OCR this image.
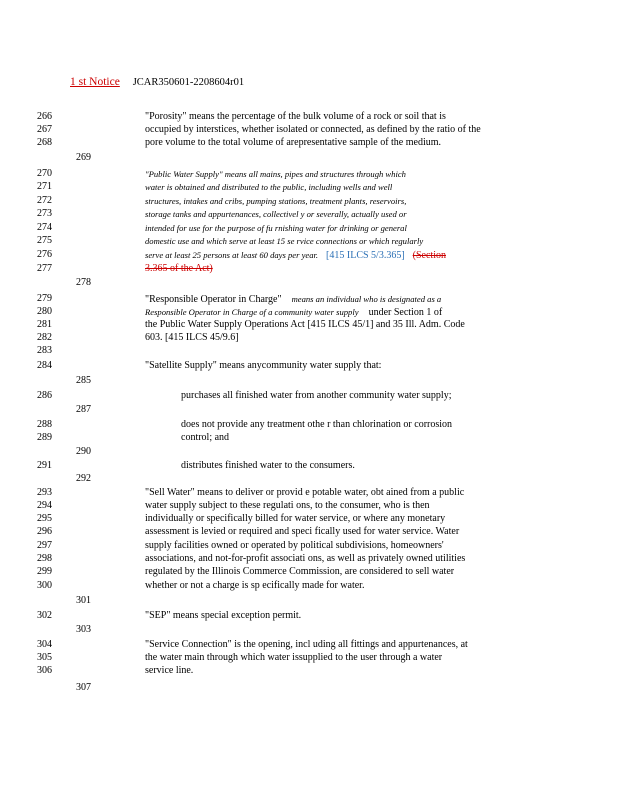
1 st Notice JCAR350601-2208604r01
266	"Porosity" means the percentage of the bulk volume of a rock or soil that is
267	occupied by interstices, whether isolated or connected, as defined by the ratio of the
268	pore volume to the total volume of arepresentative sample of the medium.
270	"Public Water Supply" means all mains, pipes and structures through which
271	water is obtained and distributed to the public, including wells and well
272	structures, intakes and cribs, pumping stations, treatment plants, reservoirs,
273	storage tanks and appurtenances, collectivel y or severally, actually used or
274	intended for use for the purpose of fu rnishing water for drinking or general
275	domestic use and which serve at least 15 se rvice connections or which regularly
276	serve at least 25 persons at least 60 days per year. [415 ILCS 5/3.365] (Section
277	3.365 of the Act)
279	"Responsible Operator in Charge" means an individual who is designated as a
280	Responsible Operator in Charge of a community water supply under Section 1 of
281	the Public Water Supply Operations Act [415 ILCS 45/1] and 35 Ill. Adm. Code
282	603. [415 ILCS 45/9.6]
283
284	"Satellite Supply" means anycommunity water supply that:
286	purchases all finished water from another community water supply;
288	does not provide any treatment othe r than chlorination or corrosion
289	control; and
291	distributes finished water to the consumers.
293	"Sell Water" means to deliver or provid e potable water, obt ained from a public
294	water supply subject to these regulati ons, to the consumer, who is then
295	individually or specifically billed for water service, or where any monetary
296	assessment is levied or required and speci fically used for water service. Water
297	supply facilities owned or operated by political subdivisions, homeowners'
298	associations, and not-for-profit associati ons, as well as privately owned utilities
299	regulated by the Illinois Commerce Commission, are considered to sell water
300	whether or not a charge is sp ecifically made for water.
302	"SEP" means special exception permit.
304	"Service Connection" is the opening, incl uding all fittings and appurtenances, at
305	the water main through which water issupplied to the user through a water
306	service line.
269
278
285
287
290
292
301
303
307
